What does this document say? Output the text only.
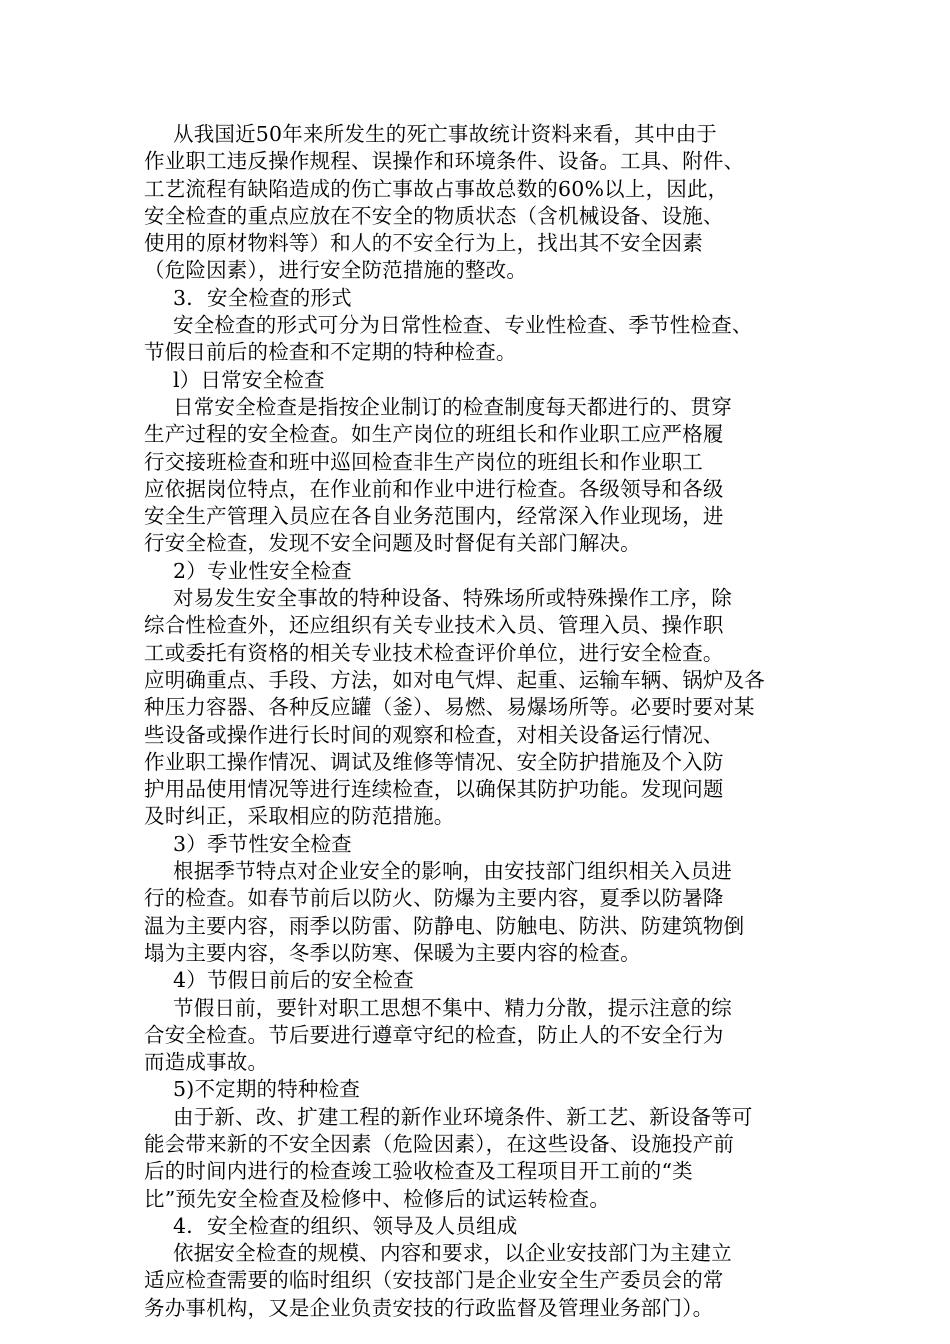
从我国近50年来所发生的死亡事故统计资料来看，其中由于
作业职工违反操作规程、误操作和环境条件、设备。工具、附件、
工艺流程有缺陷造成的伤亡事故占事故总数的60%以上，因此，
安全检查的重点应放在不安全的物质状态（含机械设备、设施、
使用的原材物料等）和人的不安全行为上，找出其不安全因素
（危险因素），进行安全防范措施的整改。
3．安全检查的形式
安全检查的形式可分为日常性检查、专业性检查、季节性检查、
节假日前后的检查和不定期的特种检查。
l）日常安全检查
日常安全检查是指按企业制订的检查制度每天都进行的、贯穿
生产过程的安全检查。如生产岗位的班组长和作业职工应严格履
行交接班检查和班中巡回检查非生产岗位的班组长和作业职工
应依据岗位特点，在作业前和作业中进行检查。各级领导和各级
安全生产管理入员应在各自业务范围内，经常深入作业现场，进
行安全检查，发现不安全问题及时督促有关部门解决。
2）专业性安全检查
对易发生安全事故的特种设备、特殊场所或特殊操作工序，除
综合性检查外，还应组织有关专业技术入员、管理入员、操作职
工或委托有资格的相关专业技术检查评价单位，进行安全检查。
应明确重点、手段、方法，如对电气焊、起重、运输车辆、锅炉及各
种压力容器、各种反应罐（釜）、易燃、易爆场所等。必要时要对某
些设备或操作进行长时间的观察和检查，对相关设备运行情况、
作业职工操作情况、调试及维修等情况、安全防护措施及个入防
护用品使用情况等进行连续检查，以确保其防护功能。发现问题
及时纠正，采取相应的防范措施。
3）季节性安全检查
根据季节特点对企业安全的影响，由安技部门组织相关入员进
行的检查。如春节前后以防火、防爆为主要内容，夏季以防暑降
温为主要内容，雨季以防雷、防静电、防触电、防洪、防建筑物倒
塌为主要内容，冬季以防寒、保暖为主要内容的检查。
4）节假日前后的安全检查
节假日前，要针对职工思想不集中、精力分散，提示注意的综
合安全检查。节后要进行遵章守纪的检查，防止人的不安全行为
而造成事故。
5)不定期的特种检查
由于新、改、扩建工程的新作业环境条件、新工艺、新设备等可
能会带来新的不安全因素（危险因素），在这些设备、设施投产前
后的时间内进行的检查竣工验收检查及工程项目开工前的“类
比”预先安全检查及检修中、检修后的试运转检查。
4．安全检查的组织、领导及人员组成
依据安全检查的规模、内容和要求，以企业安技部门为主建立
适应检查需要的临时组织（安技部门是企业安全生产委员会的常
务办事机构，又是企业负责安技的行政监督及管理业务部门）。
